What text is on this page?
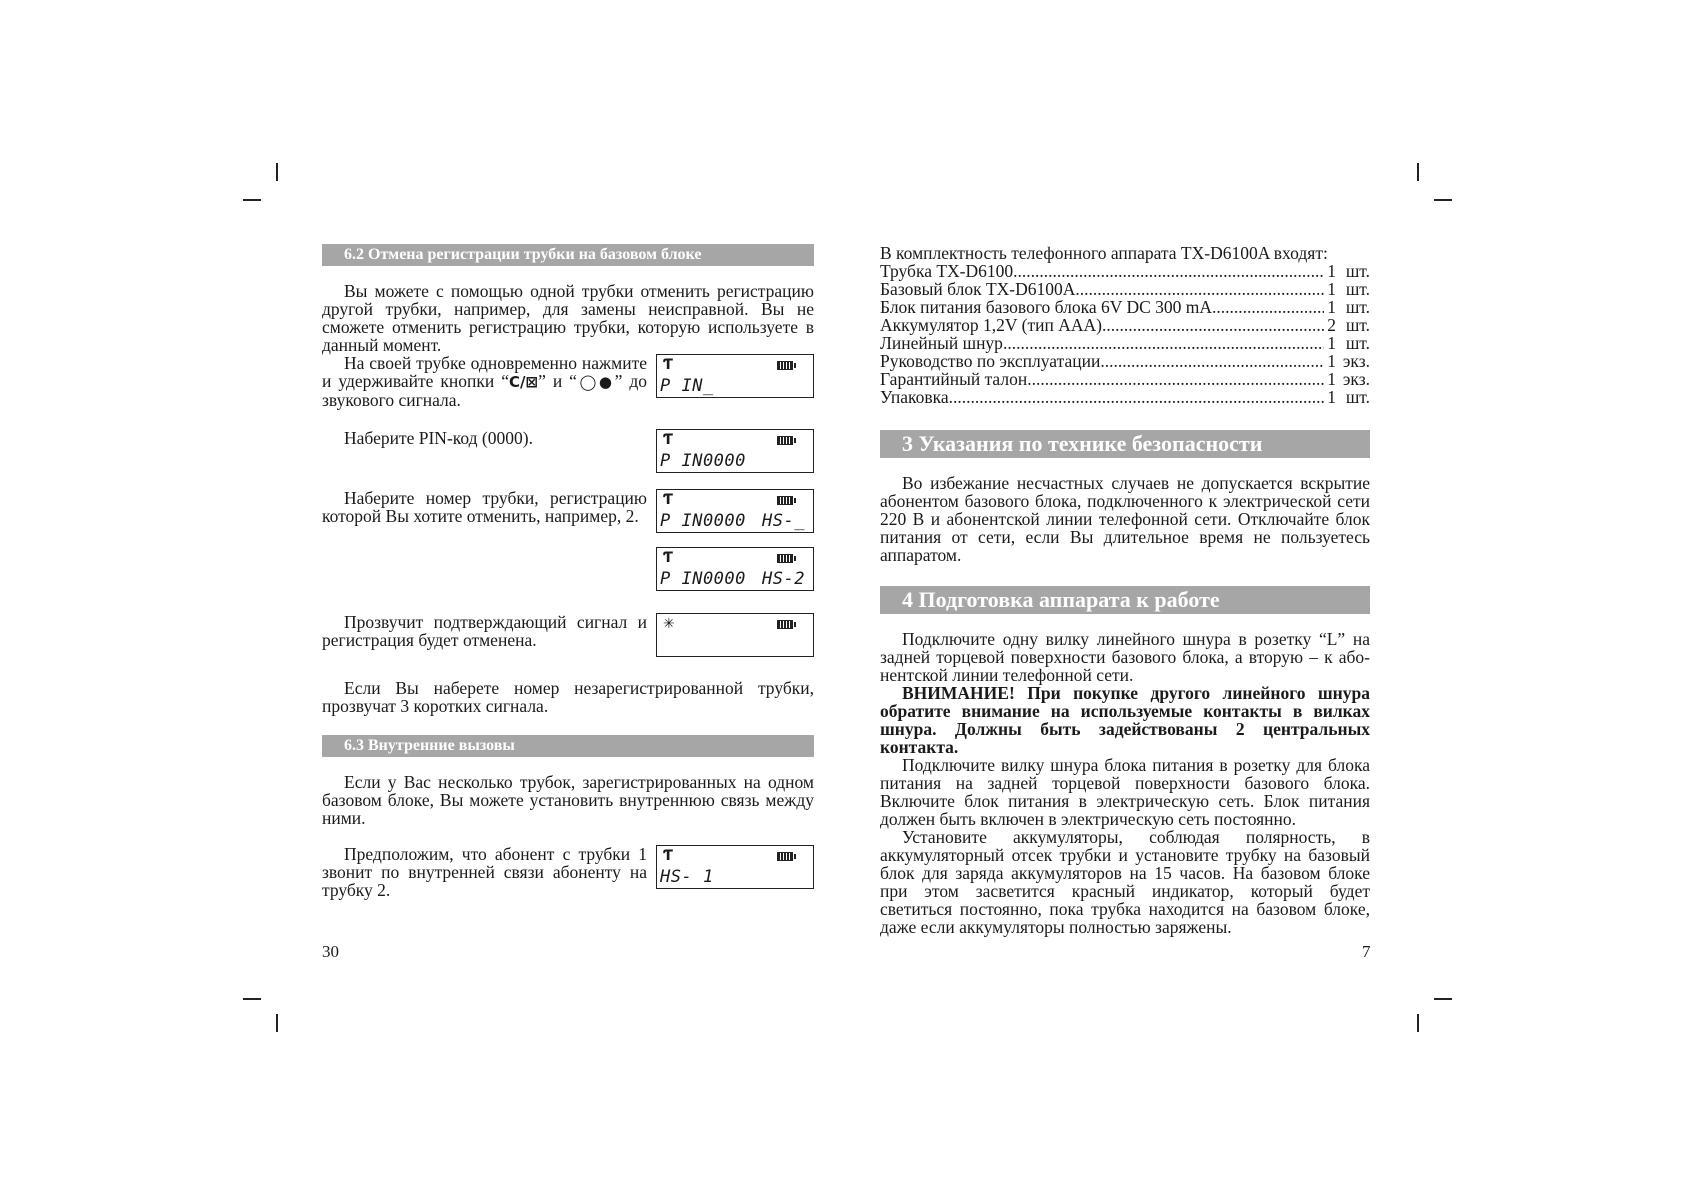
6.2 Отмена регистрации трубки на базовом блоке

Вы можете с помощью одной трубки отменить регистрацию другой трубки, например, для замены неисправной. Вы не сможете отменить регистрацию трубки, которую используете в данный момент.

На своей трубке одновременно нажмите и удерживайте кнопки “C/⊠” и “◯●” до звукового сигнала.

Ƭ
P IN_

Наберите PIN-код (0000).	Ƭ
P IN0000

Наберите номер трубки, регистрацию которой Вы хотите отменить, например, 2.

Ƭ
P IN0000 HS-_
Ƭ
P IN0000 HS-2

Прозвучит подтверждающий сигнал и регистрация будет отменена.

✳

Если Вы наберете номер незарегистрированной трубки, прозвучат 3 коротких сигнала.

6.3 Внутренние вызовы

Если у Вас несколько трубок, зарегистрированных на одном базовом блоке, Вы можете установить внутреннюю связь между ними.

Предположим, что абонент с трубки 1 звонит по внутренней связи абоненту на трубку 2.

Ƭ
HS- 1
30

В комплектность телефонного аппарата TX-D6100A входят:

Трубка TX-D6100 .....	1 шт.
Базовый блок TX-D6100A .....	1 шт.
Блок питания базового блока 6V DC 300 mA .....	1 шт.
Аккумулятор 1,2V (тип AAA) .....	2 шт.
Линейный шнур .....	1 шт.
Руководство по эксплуатации .....	1 экз.
Гарантийный талон .....	1 экз.
Упаковка .....	1 шт.
3 Указания по технике безопасности

Во избежание несчастных случаев не допускается вскрытие абонентом базового блока, подключенного к электрической сети 220 В и абонентской линии телефонной сети. Отключайте блок питания от сети, если Вы длительное время не пользуетесь аппаратом.

4 Подготовка аппарата к работе

Подключите одну вилку линейного шнура в розетку “L” на задней торцевой поверхности базового блока, а вторую – к або-нентской линии телефонной сети.

ВНИМАНИЕ! При покупке другого линейного шнура обратите внимание на используемые контакты в вилках шнура. Должны быть задействованы 2 центральных контакта.

Подключите вилку шнура блока питания в розетку для блока питания на задней торцевой поверхности базового блока. Включите блок питания в электрическую сеть. Блок питания должен быть включен в электрическую сеть постоянно.

Установите аккумуляторы, соблюдая полярность, в аккумуляторный отсек трубки и установите трубку на базовый блок для заряда аккумуляторов на 15 часов. На базовом блоке при этом засветится красный индикатор, который будет светиться постоянно, пока трубка находится на базовом блоке, даже если аккумуляторы полностью заряжены.

7
